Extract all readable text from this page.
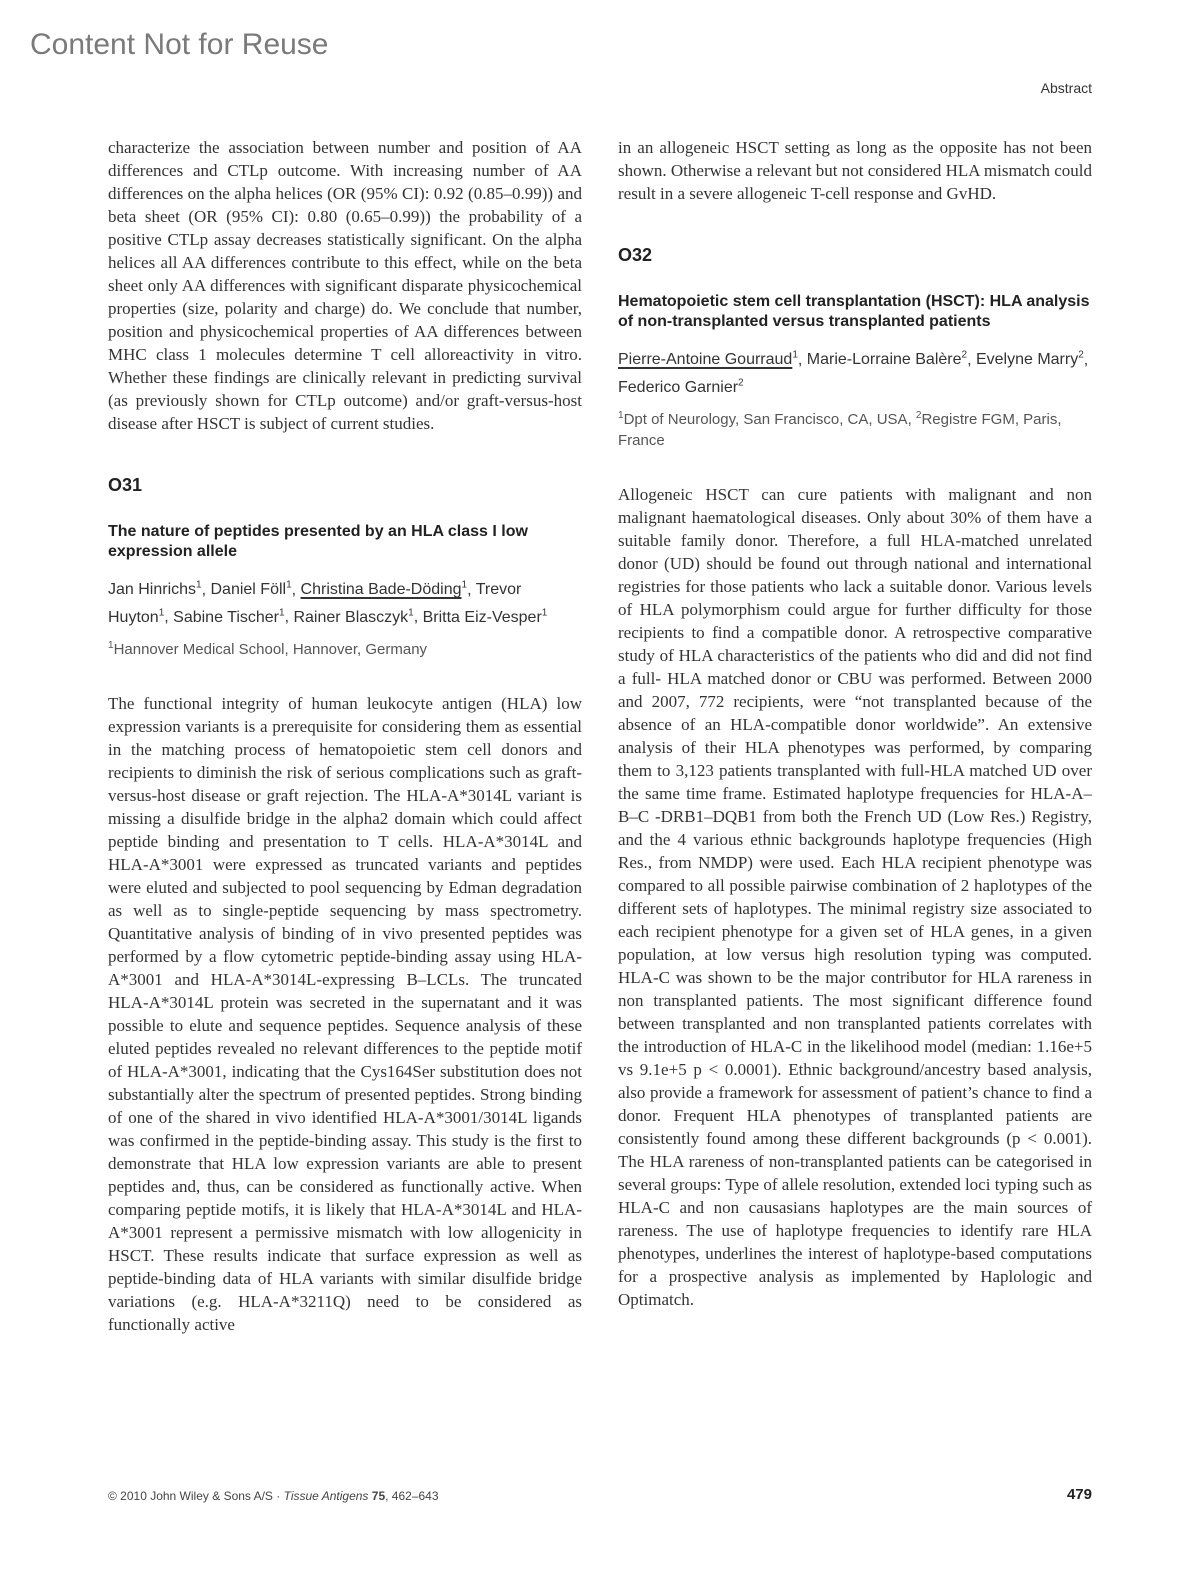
Content Not for Reuse
Abstract

characterize the association between number and position of AA differences and CTLp outcome. With increasing number of AA differences on the alpha helices (OR (95% CI): 0.92 (0.85–0.99)) and beta sheet (OR (95% CI): 0.80 (0.65–0.99)) the probability of a positive CTLp assay decreases statistically significant. On the alpha helices all AA differences contribute to this effect, while on the beta sheet only AA differences with significant disparate physicochemical properties (size, polarity and charge) do. We conclude that number, position and physicochemical properties of AA differences between MHC class 1 molecules determine T cell alloreactivity in vitro. Whether these findings are clinically relevant in predicting survival (as previously shown for CTLp outcome) and/or graft-versus-host disease after HSCT is subject of current studies.

O31
The nature of peptides presented by an HLA class I low expression allele

Jan Hinrichs$^1$, Daniel Föll$^1$, Christina Bade-Döding$^1$, Trevor Huyton$^1$, Sabine Tischer$^1$, Rainer Blasczyk$^1$, Britta Eiz-Vesper$^1$

$^1$Hannover Medical School, Hannover, Germany

The functional integrity of human leukocyte antigen (HLA) low expression variants is a prerequisite for considering them as essential in the matching process of hematopoietic stem cell donors and recipients to diminish the risk of serious complications such as graft-versus-host disease or graft rejection. The HLA-A*3014L variant is missing a disulfide bridge in the alpha2 domain which could affect peptide binding and presentation to T cells. HLA-A*3014L and HLA-A*3001 were expressed as truncated variants and peptides were eluted and subjected to pool sequencing by Edman degradation as well as to single-peptide sequencing by mass spectrometry. Quantitative analysis of binding of in vivo presented peptides was performed by a flow cytometric peptide-binding assay using HLA-A*3001 and HLA-A*3014L-expressing B–LCLs. The truncated HLA-A*3014L protein was secreted in the supernatant and it was possible to elute and sequence peptides. Sequence analysis of these eluted peptides revealed no relevant differences to the peptide motif of HLA-A*3001, indicating that the Cys164Ser substitution does not substantially alter the spectrum of presented peptides. Strong binding of one of the shared in vivo identified HLA-A*3001/3014L ligands was confirmed in the peptide-binding assay. This study is the first to demonstrate that HLA low expression variants are able to present peptides and, thus, can be considered as functionally active. When comparing peptide motifs, it is likely that HLA-A*3014L and HLA-A*3001 represent a permissive mismatch with low allogenicity in HSCT. These results indicate that surface expression as well as peptide-binding data of HLA variants with similar disulfide bridge variations (e.g. HLA-A*3211Q) need to be considered as functionally active

in an allogeneic HSCT setting as long as the opposite has not been shown. Otherwise a relevant but not considered HLA mismatch could result in a severe allogeneic T-cell response and GvHD.

O32
Hematopoietic stem cell transplantation (HSCT): HLA analysis of non-transplanted versus transplanted patients

Pierre-Antoine Gourraud$^1$, Marie-Lorraine Balère$^2$, Evelyne Marry$^2$, Federico Garnier$^2$

$^1$Dpt of Neurology, San Francisco, CA, USA, $^2$Registre FGM, Paris, France

Allogeneic HSCT can cure patients with malignant and non malignant haematological diseases. Only about 30% of them have a suitable family donor. Therefore, a full HLA-matched unrelated donor (UD) should be found out through national and international registries for those patients who lack a suitable donor. Various levels of HLA polymorphism could argue for further difficulty for those recipients to find a compatible donor. A retrospective comparative study of HLA characteristics of the patients who did and did not find a full- HLA matched donor or CBU was performed. Between 2000 and 2007, 772 recipients, were “not transplanted because of the absence of an HLA-compatible donor worldwide”. An extensive analysis of their HLA phenotypes was performed, by comparing them to 3,123 patients transplanted with full-HLA matched UD over the same time frame. Estimated haplotype frequencies for HLA-A–B–C -DRB1–DQB1 from both the French UD (Low Res.) Registry, and the 4 various ethnic backgrounds haplotype frequencies (High Res., from NMDP) were used. Each HLA recipient phenotype was compared to all possible pairwise combination of 2 haplotypes of the different sets of haplotypes. The minimal registry size associated to each recipient phenotype for a given set of HLA genes, in a given population, at low versus high resolution typing was computed. HLA-C was shown to be the major contributor for HLA rareness in non transplanted patients. The most significant difference found between transplanted and non transplanted patients correlates with the introduction of HLA-C in the likelihood model (median: 1.16e+5 vs 9.1e+5 p < 0.0001). Ethnic background/ancestry based analysis, also provide a framework for assessment of patient’s chance to find a donor. Frequent HLA phenotypes of transplanted patients are consistently found among these different backgrounds (p < 0.001). The HLA rareness of non-transplanted patients can be categorised in several groups: Type of allele resolution, extended loci typing such as HLA-C and non causasians haplotypes are the main sources of rareness. The use of haplotype frequencies to identify rare HLA phenotypes, underlines the interest of haplotype-based computations for a prospective analysis as implemented by Haplologic and Optimatch.

© 2010 John Wiley & Sons A/S · Tissue Antigens 75, 462–643	479
